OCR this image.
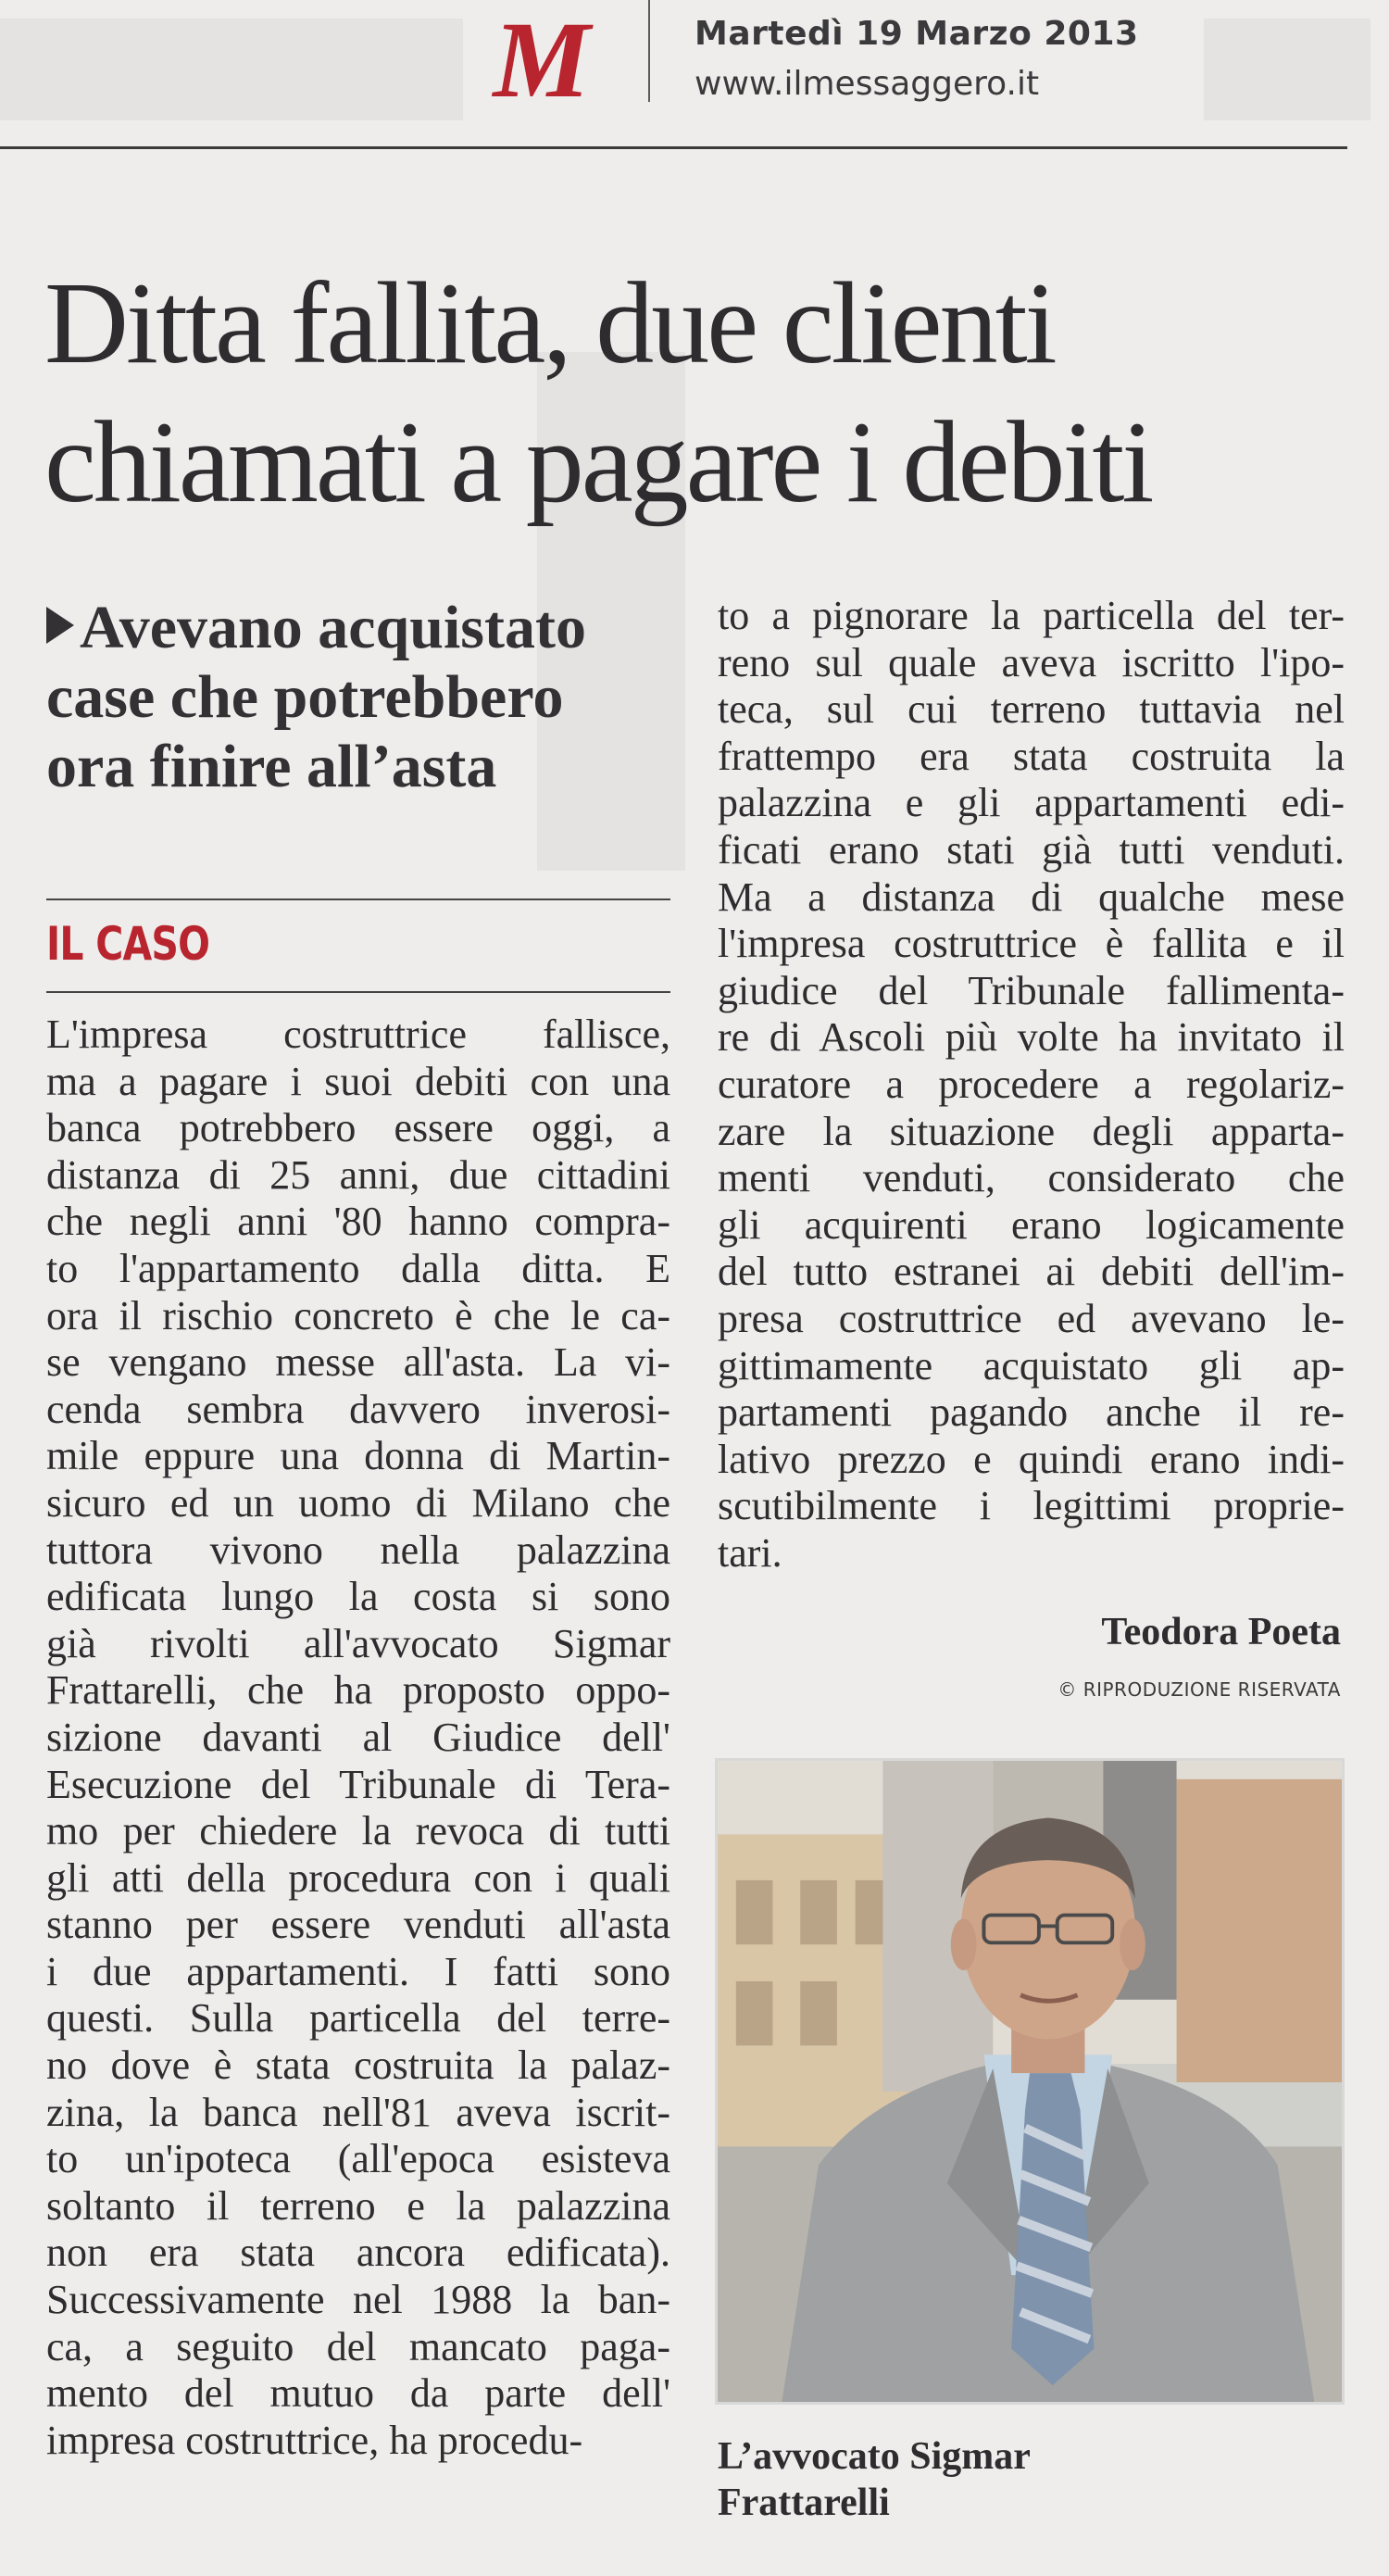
M	Martedì 19 Marzo 2013
www.ilmessaggero.it
Ditta fallita, due clienti
chiamati a pagare i debiti
Avevano acquistato
case che potrebbero
ora finire all’asta
IL CASO
L'impresa costruttrice fallisce,
ma a pagare i suoi debiti con una
banca potrebbero essere oggi, a
distanza di 25 anni, due cittadini
che negli anni '80 hanno compra-
to l'appartamento dalla ditta. E
ora il rischio concreto è che le ca-
se vengano messe all'asta. La vi-
cenda sembra davvero inverosi-
mile eppure una donna di Martin-
sicuro ed un uomo di Milano che
tuttora vivono nella palazzina
edificata lungo la costa si sono
già rivolti all'avvocato Sigmar
Frattarelli, che ha proposto oppo-
sizione davanti al Giudice dell'
Esecuzione del Tribunale di Tera-
mo per chiedere la revoca di tutti
gli atti della procedura con i quali
stanno per essere venduti all'asta
i due appartamenti. I fatti sono
questi. Sulla particella del terre-
no dove è stata costruita la palaz-
zina, la banca nell'81 aveva iscrit-
to un'ipoteca (all'epoca esisteva
soltanto il terreno e la palazzina
non era stata ancora edificata).
Successivamente nel 1988 la ban-
ca, a seguito del mancato paga-
mento del mutuo da parte dell'
impresa costruttrice, ha procedu-
to a pignorare la particella del ter-
reno sul quale aveva iscritto l'ipo-
teca, sul cui terreno tuttavia nel
frattempo era stata costruita la
palazzina e gli appartamenti edi-
ficati erano stati già tutti venduti.
Ma a distanza di qualche mese
l'impresa costruttrice è fallita e il
giudice del Tribunale fallimenta-
re di Ascoli più volte ha invitato il
curatore a procedere a regolariz-
zare la situazione degli apparta-
menti venduti, considerato che
gli acquirenti erano logicamente
del tutto estranei ai debiti dell'im-
presa costruttrice ed avevano le-
gittimamente acquistato gli ap-
partamenti pagando anche il re-
lativo prezzo e quindi erano indi-
scutibilmente i legittimi proprie-
tari.
Teodora Poeta
© RIPRODUZIONE RISERVATA
L’avvocato Sigmar
Frattarelli
